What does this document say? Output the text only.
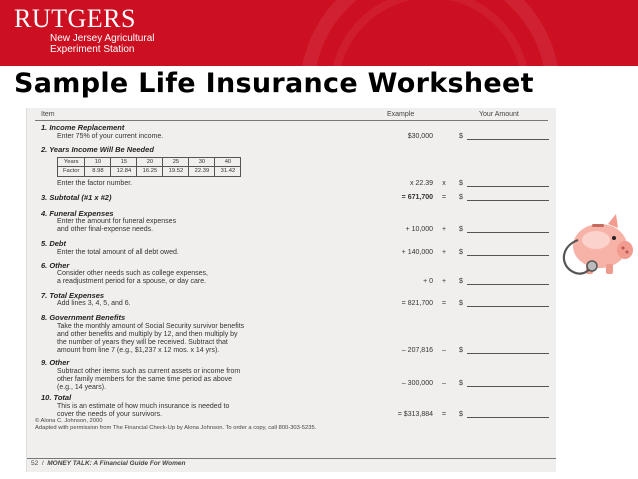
RUTGERS
New Jersey Agricultural
Experiment Station
Sample Life Insurance Worksheet
Item	Example	Your Amount
1. Income Replacement
Enter 75% of your current income.	$30,000	$
2. Years Income Will Be Needed
Years	10	15	20	25	30	40
Factor	8.98	12.84	16.25	19.52	22.39	31.42
Enter the factor number.	x 22.39	x	$
3. Subtotal (#1 x #2)	= 671,700	=	$
4. Funeral Expenses
Enter the amount for funeral expenses
and other final-expense needs.	+ 10,000	+	$
5. Debt
Enter the total amount of all debt owed.	+ 140,000	+	$
6. Other
Consider other needs such as college expenses,
a readjustment period for a spouse, or day care.	+ 0	+	$
7. Total Expenses
Add lines 3, 4, 5, and 6.	= 821,700	=	$
8. Government Benefits
Take the monthly amount of Social Security survivor benefits
and other benefits and multiply by 12, and then multiply by
the number of years they will be received. Subtract that
amount from line 7 (e.g., $1,237 x 12 mos. x 14 yrs).	– 207,816	–	$
9. Other
Subtract other items such as current assets or income from
other family members for the same time period as above
(e.g., 14 years).
– 300,000	–	$
10. Total
This is an estimate of how much insurance is needed to
cover the needs of your survivors.	= $313,884	=	$
© Alona C. Johnson, 2000
Adapted with permission from The Financial Check-Up by Alona Johnson. To order a copy, call 800-303-5235.
52  /  MONEY TALK: A Financial Guide For Women
